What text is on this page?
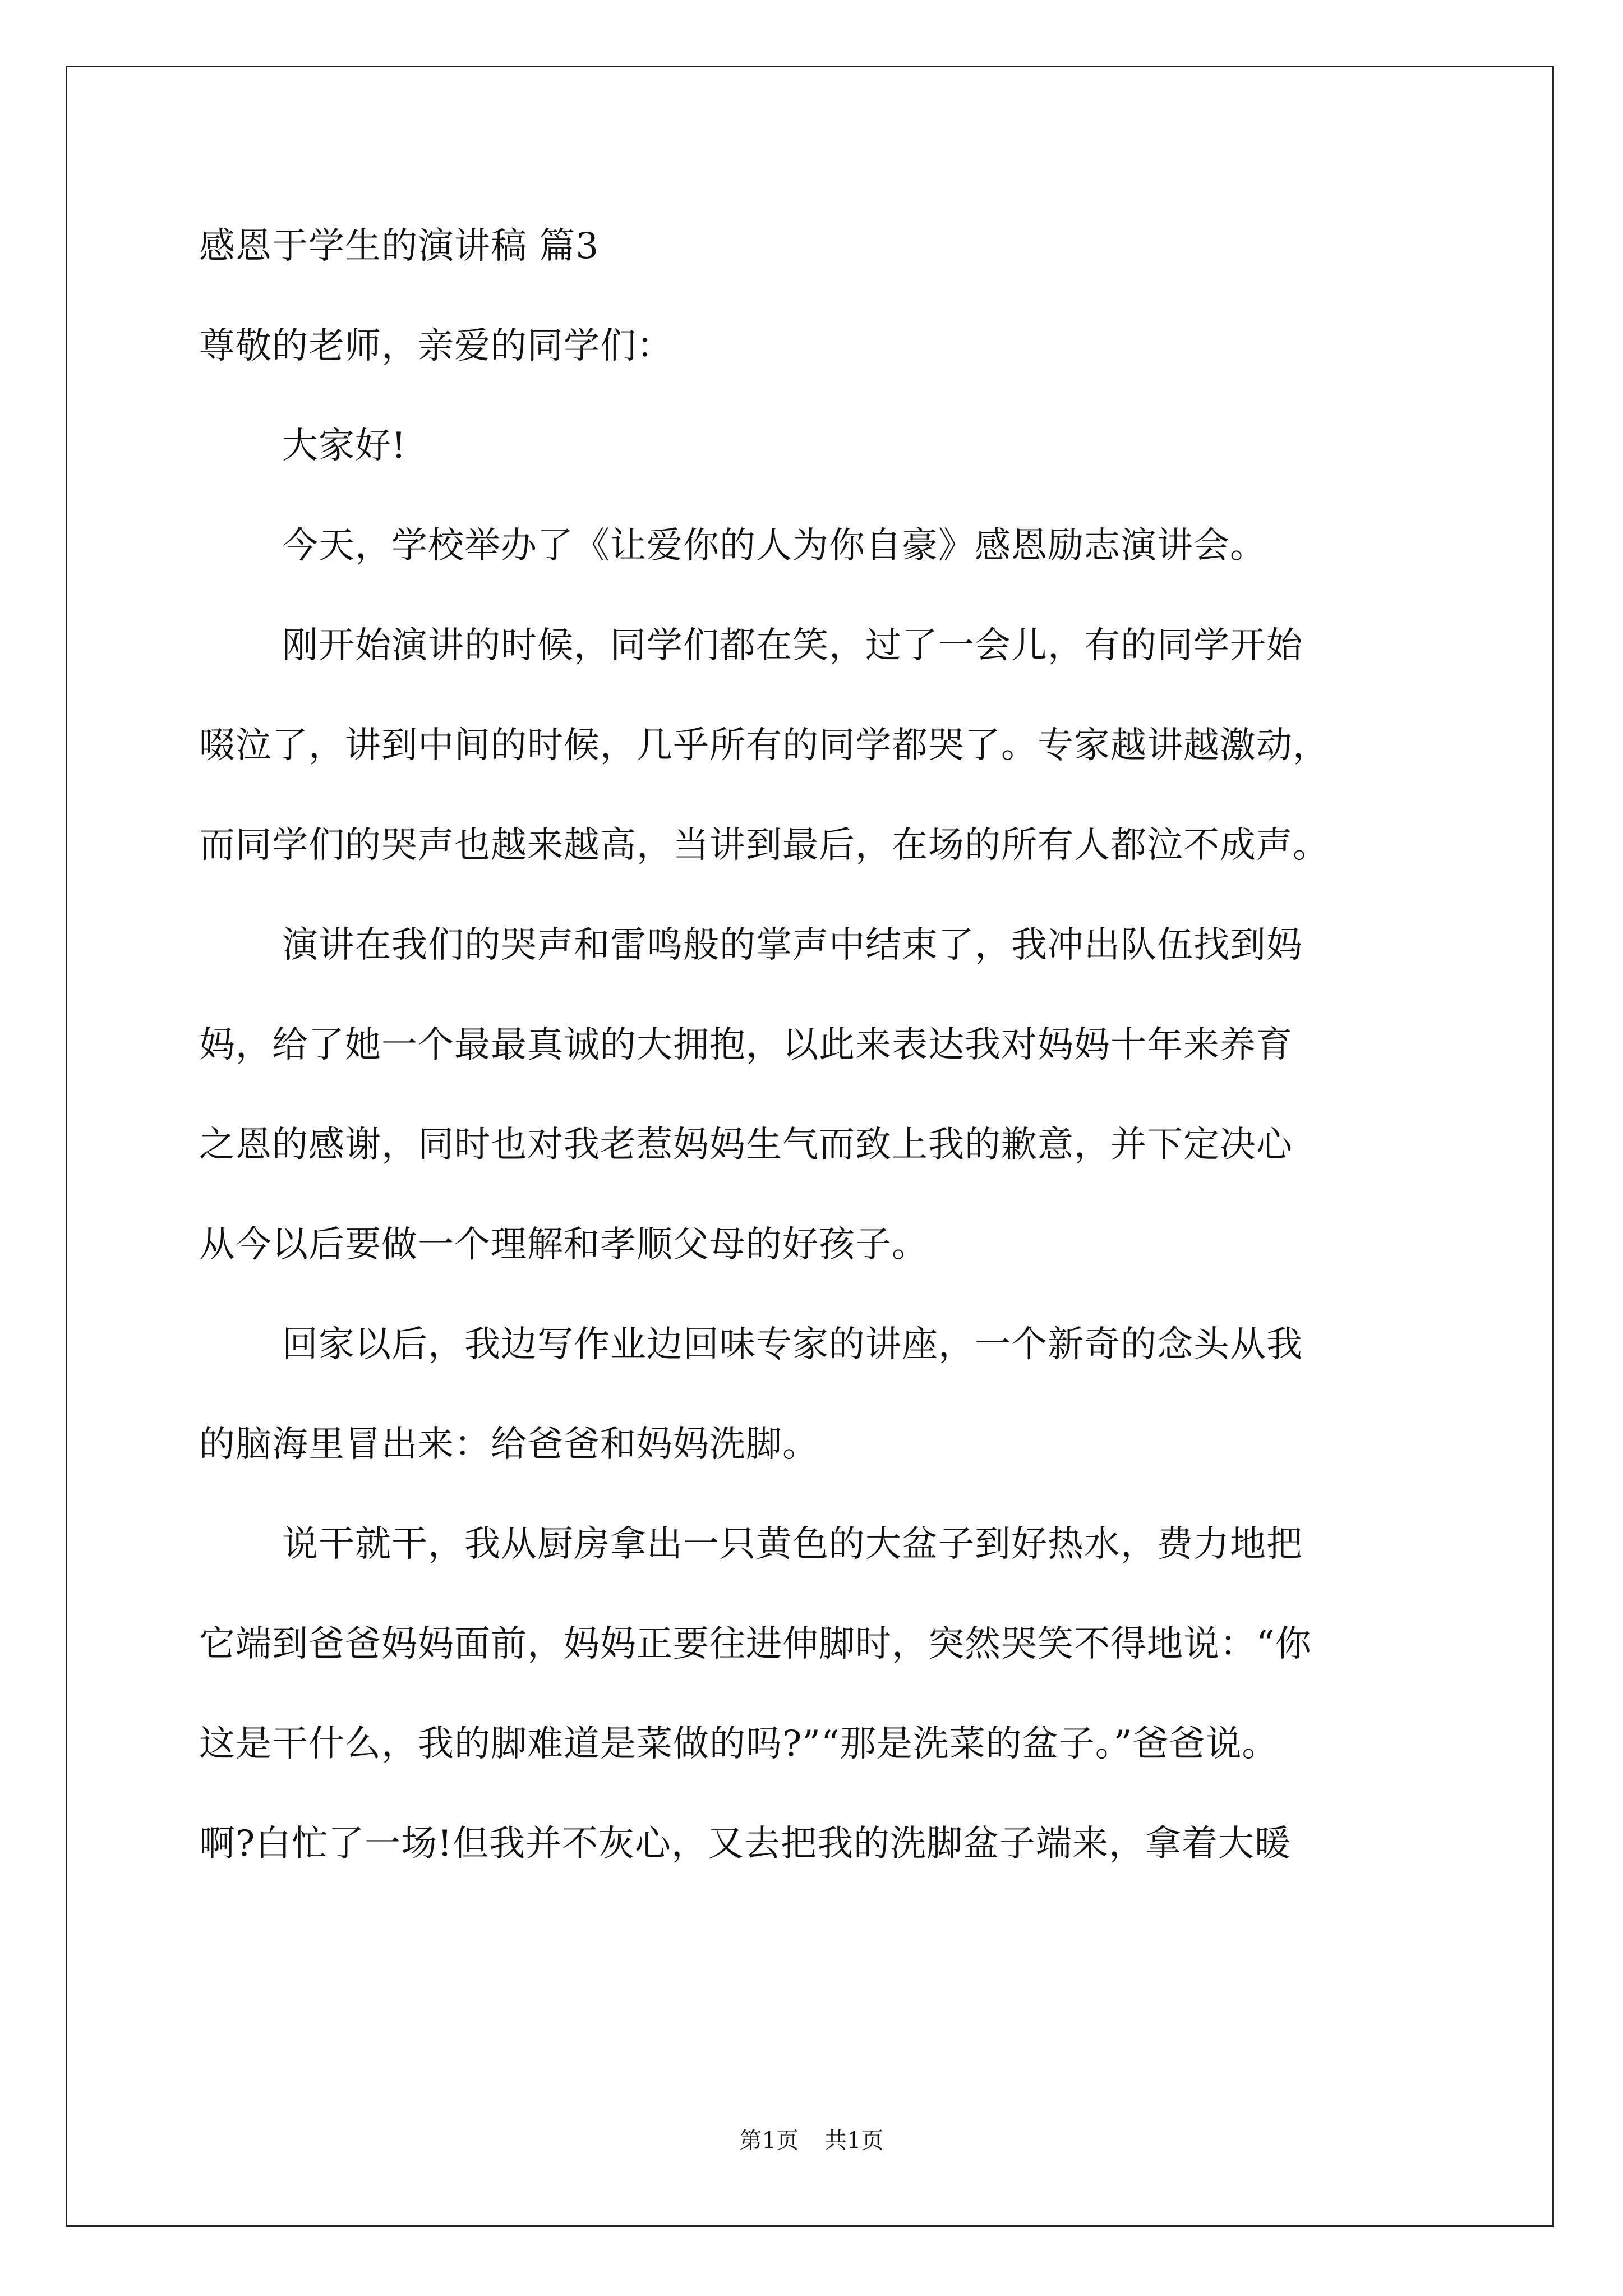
感恩于学生的演讲稿 篇3
尊敬的老师，亲爱的同学们：
大家好!
今天，学校举办了《让爱你的人为你自豪》感恩励志演讲会。
刚开始演讲的时候，同学们都在笑，过了一会儿，有的同学开始
啜泣了，讲到中间的时候，几乎所有的同学都哭了。专家越讲越激动，
而同学们的哭声也越来越高，当讲到最后，在场的所有人都泣不成声。
演讲在我们的哭声和雷鸣般的掌声中结束了，我冲出队伍找到妈
妈，给了她一个最最真诚的大拥抱，以此来表达我对妈妈十年来养育
之恩的感谢，同时也对我老惹妈妈生气而致上我的歉意，并下定决心
从今以后要做一个理解和孝顺父母的好孩子。
回家以后，我边写作业边回味专家的讲座，一个新奇的念头从我
的脑海里冒出来：给爸爸和妈妈洗脚。
说干就干，我从厨房拿出一只黄色的大盆子到好热水，费力地把
它端到爸爸妈妈面前，妈妈正要往进伸脚时，突然哭笑不得地说：“你
这是干什么，我的脚难道是菜做的吗?”“那是洗菜的盆子。”爸爸说。
啊?白忙了一场!但我并不灰心，又去把我的洗脚盆子端来，拿着大暖
第1页 共1页
